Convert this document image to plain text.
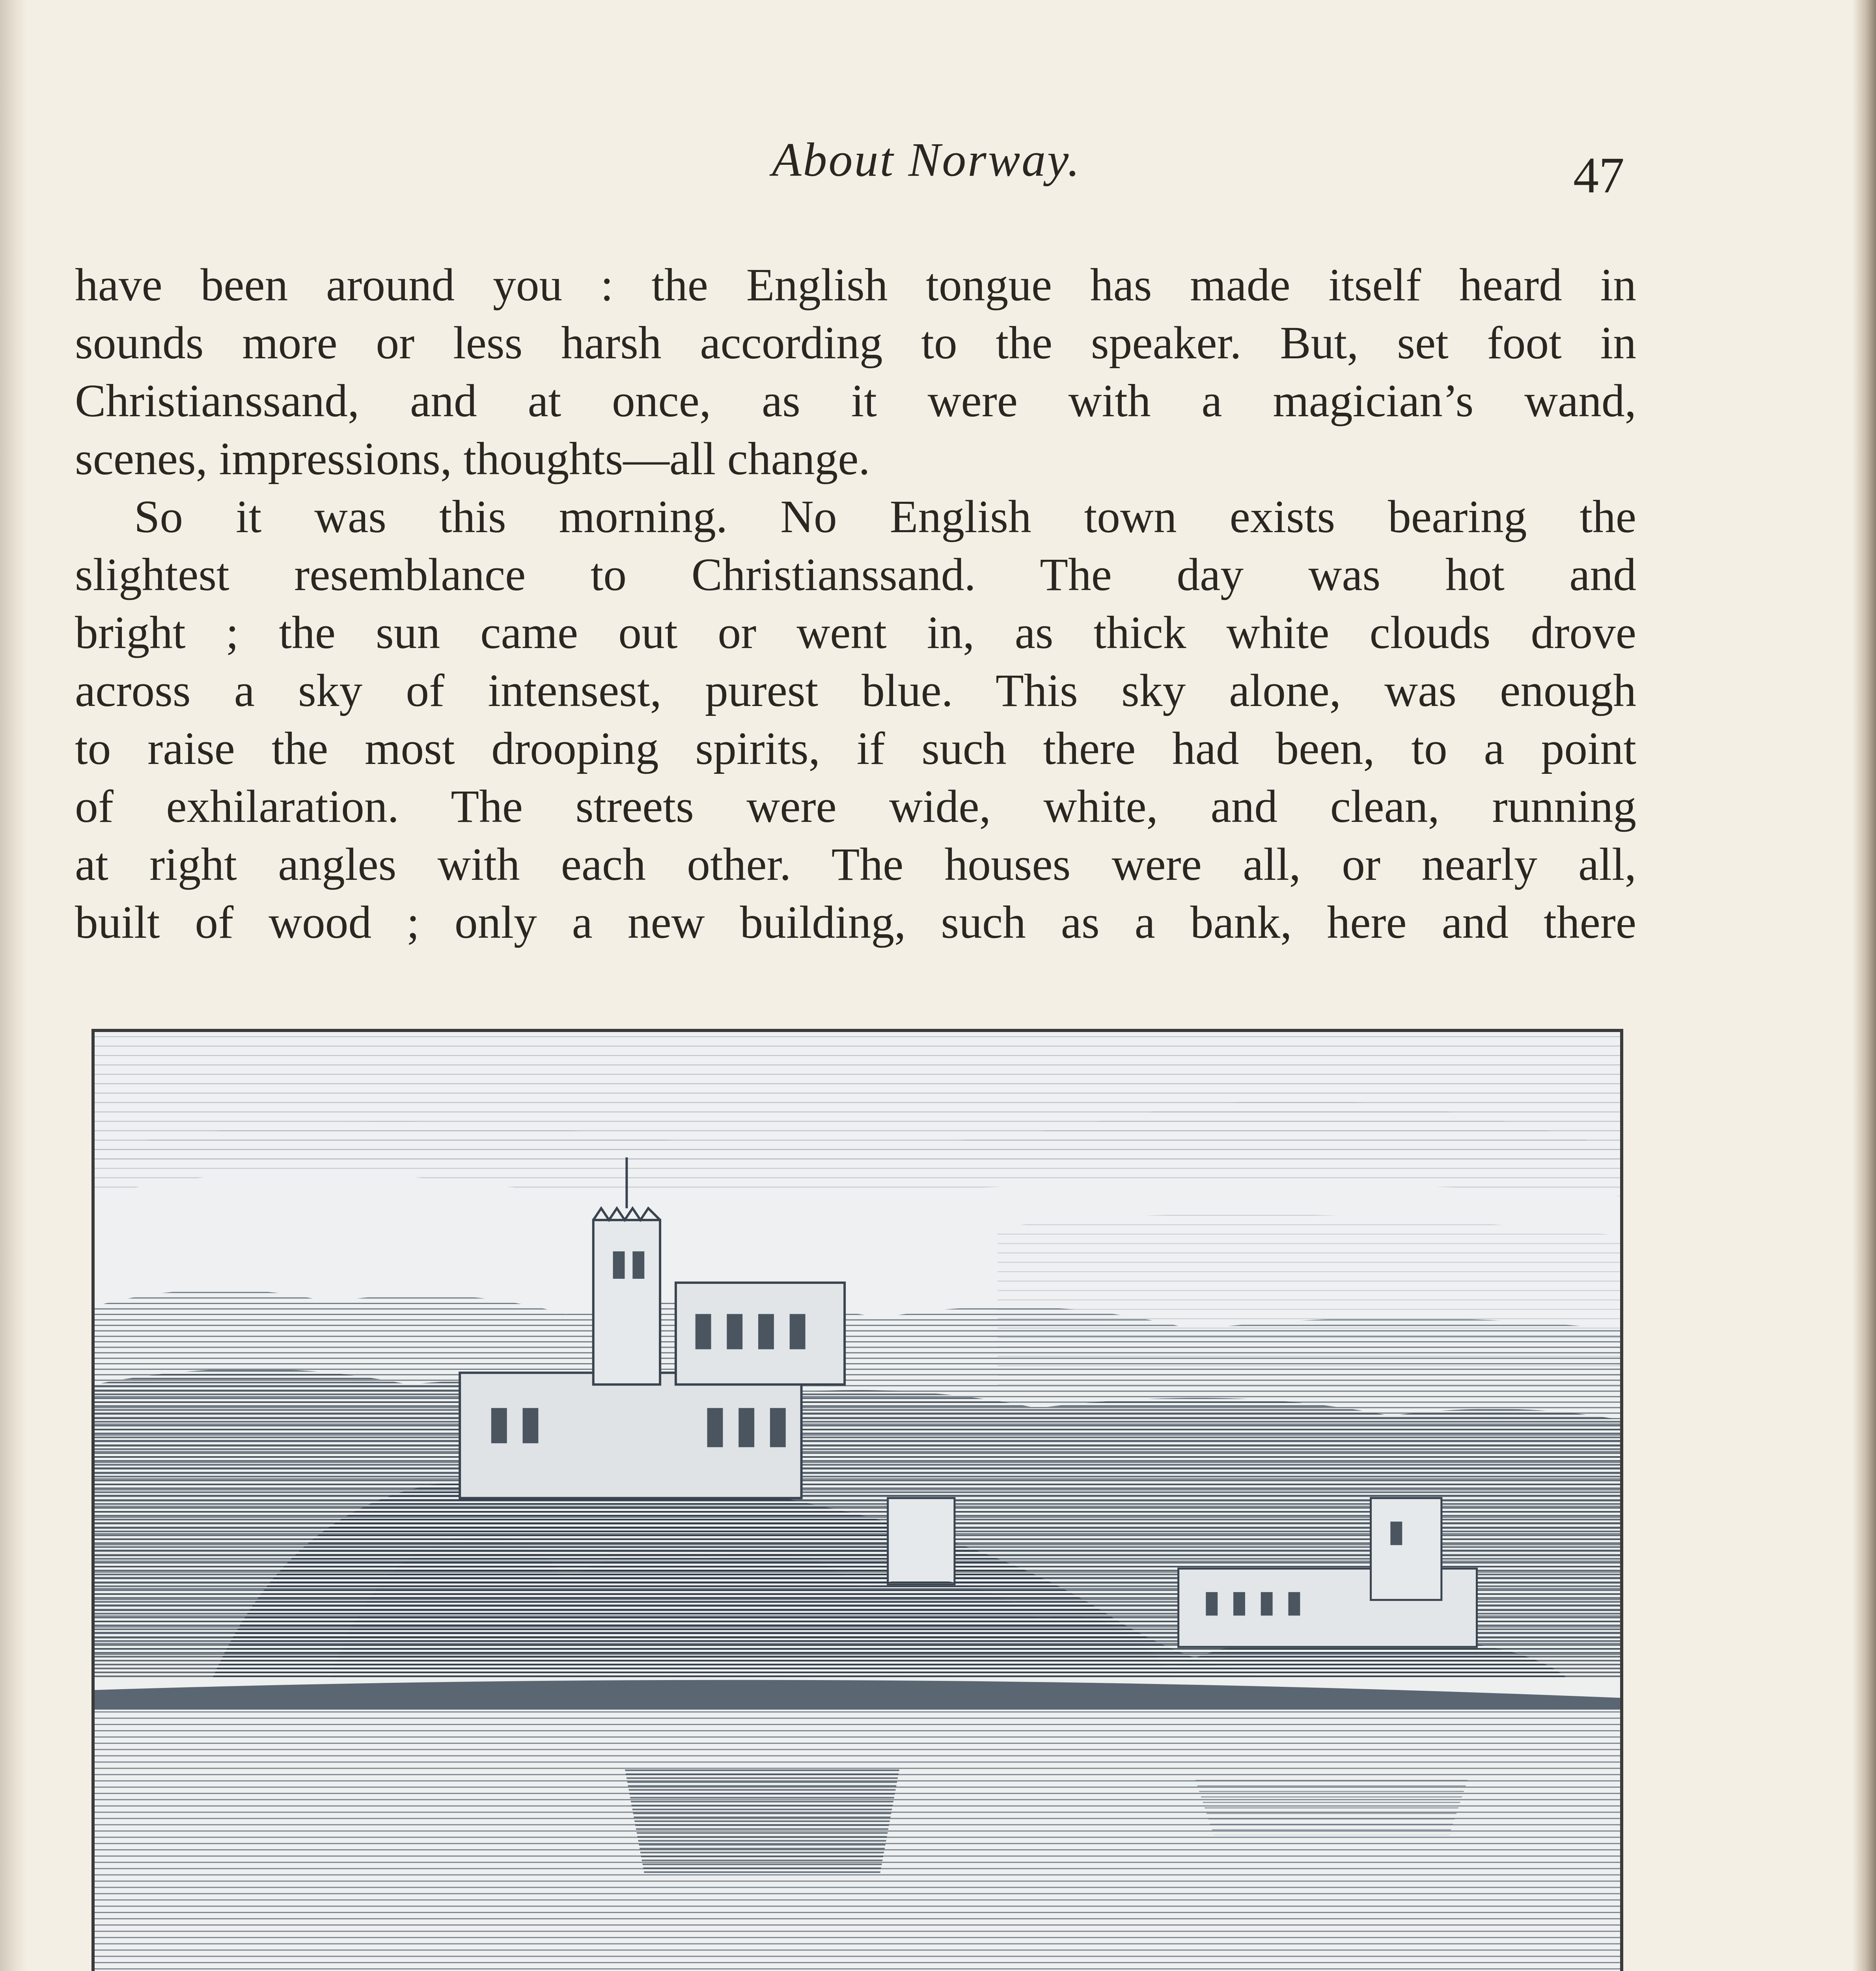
About Norway.	47
have been around you : the English tongue has made itself heard in
sounds more or less harsh according to the speaker. But, set foot in
Christianssand, and at once, as it were with a magician’s wand,
scenes, impressions, thoughts—all change.
So it was this morning. No English town exists bearing the
slightest resemblance to Christianssand. The day was hot and
bright ; the sun came out or went in, as thick white clouds drove
across a sky of intensest, purest blue. This sky alone, was enough
to raise the most drooping spirits, if such there had been, to a point
of exhilaration. The streets were wide, white, and clean, running
at right angles with each other. The houses were all, or nearly all,
built of wood ; only a new building, such as a bank, here and there
